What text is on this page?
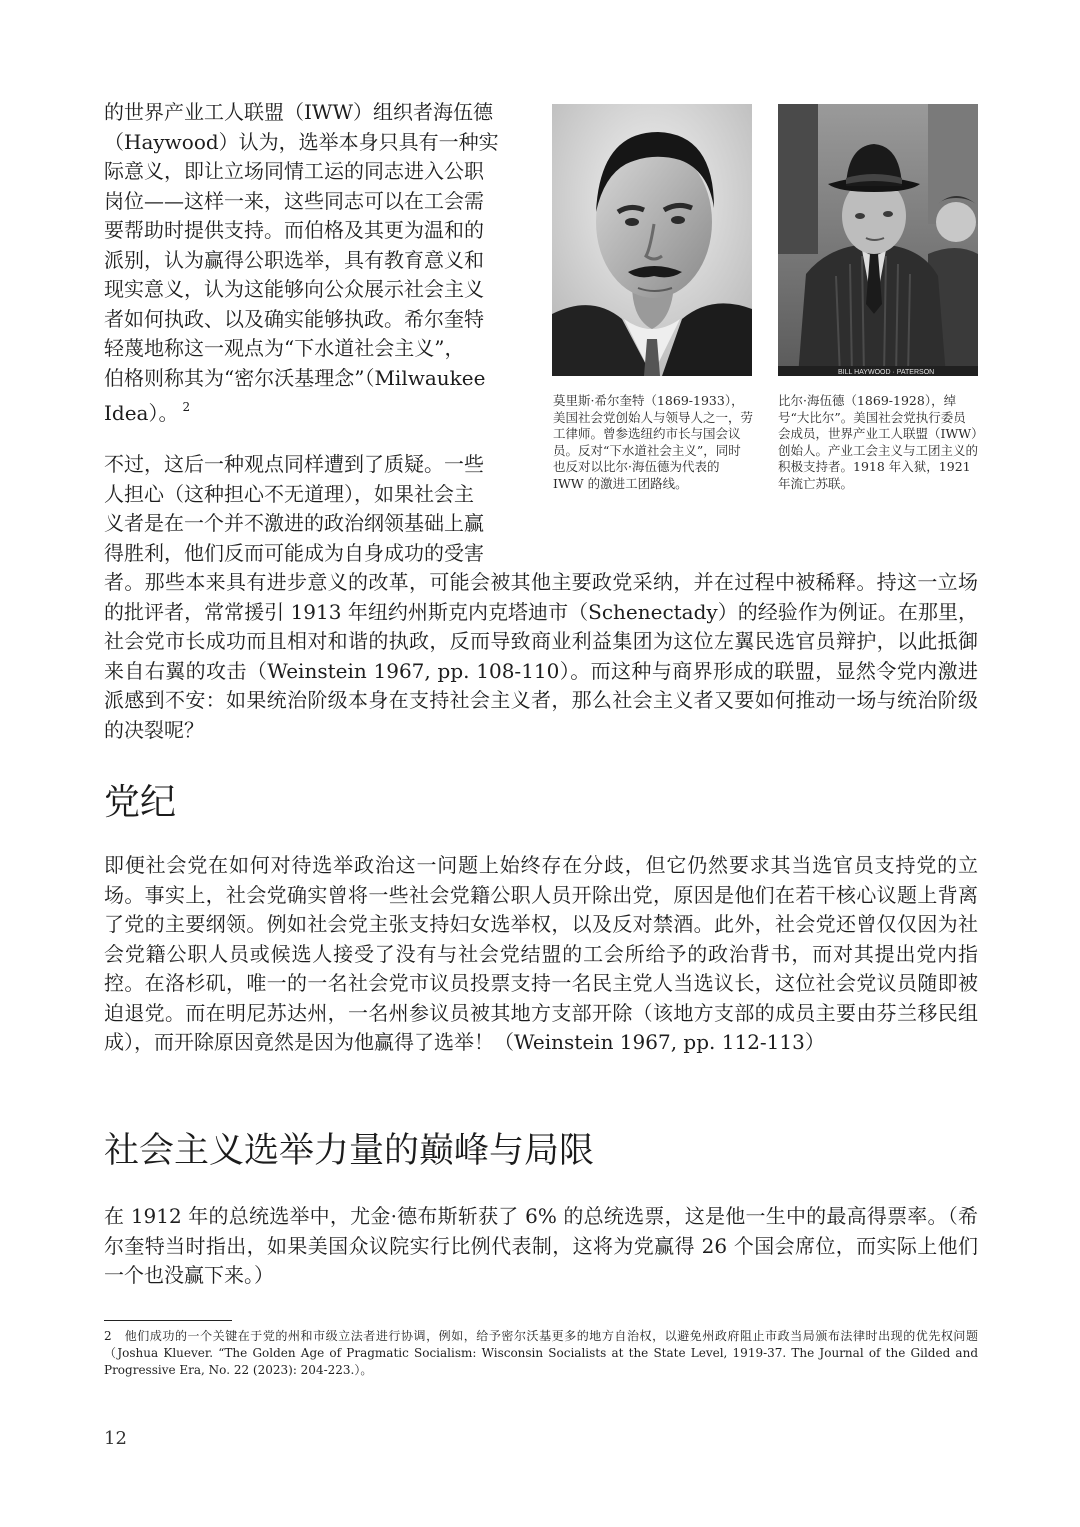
的世界产业工人联盟（IWW）组织者海伍德
（Haywood）认为，选举本身只具有一种实
际意义，即让立场同情工运的同志进入公职
岗位——这样一来，这些同志可以在工会需
要帮助时提供支持。而伯格及其更为温和的
派别，认为赢得公职选举，具有教育意义和
现实意义，认为这能够向公众展示社会主义
者如何执政、以及确实能够执政。希尔奎特
轻蔑地称这一观点为“下水道社会主义”，
伯格则称其为“密尔沃基理念”（Milwaukee
Idea）。 $^2$
BILL HAYWOOD · PATERSON

莫里斯·希尔奎特（1869-1933），美国社会党创始人与领导人之一，劳工律师。曾参选纽约市长与国会议员。反对“下水道社会主义”，同时也反对以比尔·海伍德为代表的 IWW 的激进工团路线。

比尔·海伍德（1869-1928），绰号“大比尔”。美国社会党执行委员会成员，世界产业工人联盟（IWW）创始人。产业工会主义与工团主义的积极支持者。1918 年入狱，1921 年流亡苏联。

不过，这后一种观点同样遭到了质疑。一些
人担心（这种担心不无道理），如果社会主
义者是在一个并不激进的政治纲领基础上赢
得胜利，他们反而可能成为自身成功的受害
者。那些本来具有进步意义的改革，可能会被其他主要政党采纳，并在过程中被稀释。持这一立场的批评者，常常援引 1913 年纽约州斯克内克塔迪市（Schenectady）的经验作为例证。在那里，社会党市长成功而且相对和谐的执政，反而导致商业利益集团为这位左翼民选官员辩护，以此抵御来自右翼的攻击（Weinstein 1967, pp. 108-110）。而这种与商界形成的联盟，显然令党内激进派感到不安：如果统治阶级本身在支持社会主义者，那么社会主义者又要如何推动一场与统治阶级的决裂呢？
党纪

即便社会党在如何对待选举政治这一问题上始终存在分歧，但它仍然要求其当选官员支持党的立场。事实上，社会党确实曾将一些社会党籍公职人员开除出党，原因是他们在若干核心议题上背离了党的主要纲领。例如社会党主张支持妇女选举权，以及反对禁酒。此外，社会党还曾仅仅因为社会党籍公职人员或候选人接受了没有与社会党结盟的工会所给予的政治背书，而对其提出党内指控。在洛杉矶，唯一的一名社会党市议员投票支持一名民主党人当选议长，这位社会党议员随即被迫退党。而在明尼苏达州，一名州参议员被其地方支部开除（该地方支部的成员主要由芬兰移民组成），而开除原因竟然是因为他赢得了选举！（Weinstein 1967, pp. 112-113）

社会主义选举力量的巅峰与局限

在 1912 年的总统选举中，尤金·德布斯斩获了 6% 的总统选票，这是他一生中的最高得票率。（希尔奎特当时指出，如果美国众议院实行比例代表制，这将为党赢得 26 个国会席位，而实际上他们一个也没赢下来。）

2　他们成功的一个关键在于党的州和市级立法者进行协调，例如，给予密尔沃基更多的地方自治权，以避免州政府阻止市政当局颁布法律时出现的优先权问题（Joshua Kluever. “The Golden Age of Pragmatic Socialism: Wisconsin Socialists at the State Level, 1919-37. The Journal of the Gilded and Progressive Era, No. 22 (2023): 204-223.）。

12
